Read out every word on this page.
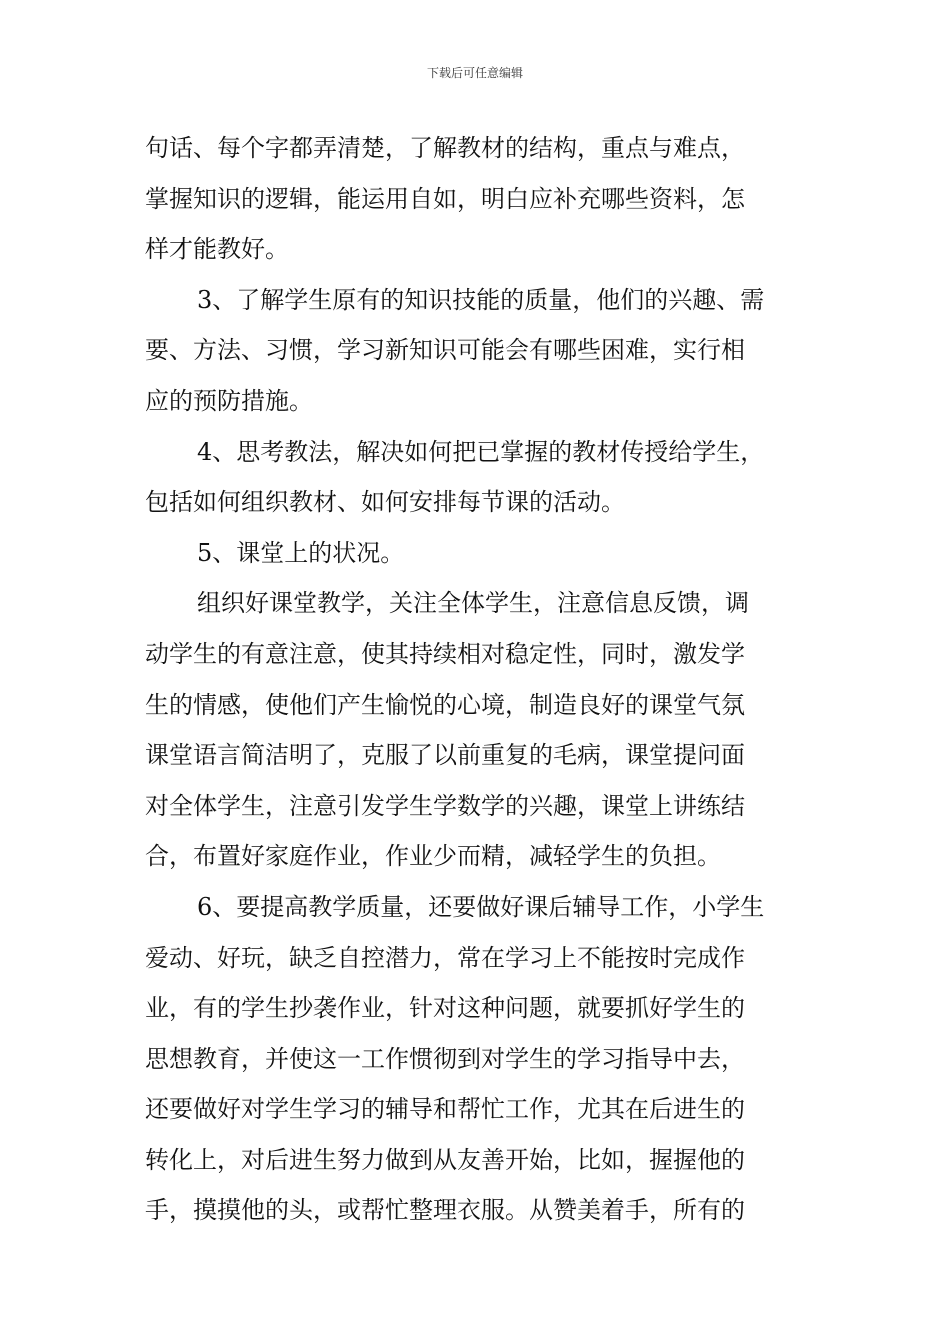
下载后可任意编辑
句话、每个字都弄清楚，了解教材的结构，重点与难点，
掌握知识的逻辑，能运用自如，明白应补充哪些资料，怎
样才能教好。
3、了解学生原有的知识技能的质量，他们的兴趣、需
要、方法、习惯，学习新知识可能会有哪些困难，实行相
应的预防措施。
4、思考教法，解决如何把已掌握的教材传授给学生，
包括如何组织教材、如何安排每节课的活动。
5、课堂上的状况。
组织好课堂教学，关注全体学生，注意信息反馈，调
动学生的有意注意，使其持续相对稳定性，同时，激发学
生的情感，使他们产生愉悦的心境，制造良好的课堂气氛
课堂语言简洁明了，克服了以前重复的毛病，课堂提问面
对全体学生，注意引发学生学数学的兴趣，课堂上讲练结
合，布置好家庭作业，作业少而精，减轻学生的负担。
6、要提高教学质量，还要做好课后辅导工作，小学生
爱动、好玩，缺乏自控潜力，常在学习上不能按时完成作
业，有的学生抄袭作业，针对这种问题，就要抓好学生的
思想教育，并使这一工作惯彻到对学生的学习指导中去，
还要做好对学生学习的辅导和帮忙工作，尤其在后进生的
转化上，对后进生努力做到从友善开始，比如，握握他的
手，摸摸他的头，或帮忙整理衣服。从赞美着手，所有的
